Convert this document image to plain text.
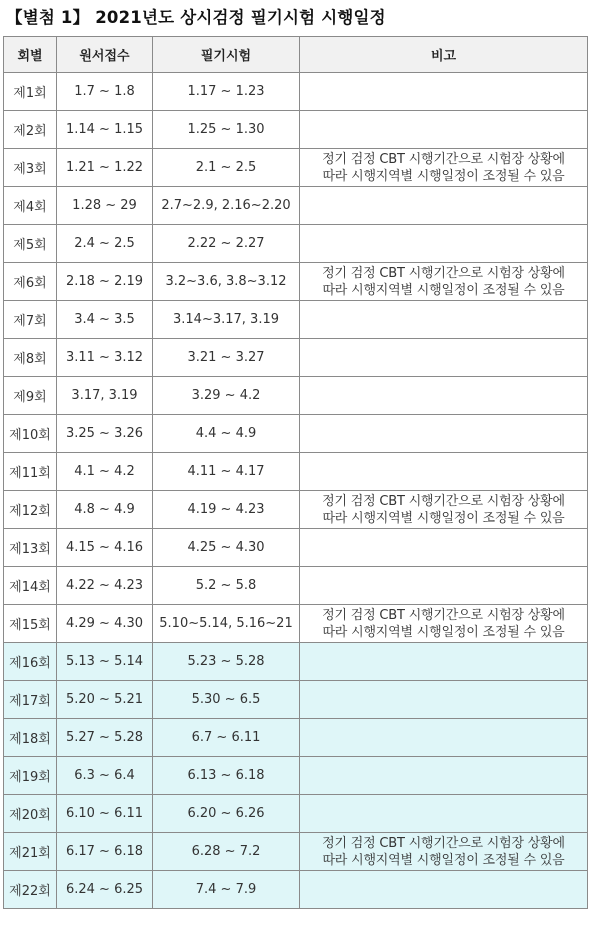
【별첨 1】 2021년도 상시검정 필기시험 시행일정
회별	원서접수	필기시험	비고
제1회	1.7 ~ 1.8	1.17 ~ 1.23	
제2회	1.14 ~ 1.15	1.25 ~ 1.30	
제3회	1.21 ~ 1.22	2.1 ~ 2.5	정기 검정 CBT 시행기간으로 시험장 상황에
따라 시행지역별 시행일정이 조정될 수 있음

제4회	1.28 ~ 29	2.7~2.9, 2.16~2.20	
제5회	2.4 ~ 2.5	2.22 ~ 2.27	
제6회	2.18 ~ 2.19	3.2~3.6, 3.8~3.12	정기 검정 CBT 시행기간으로 시험장 상황에
따라 시행지역별 시행일정이 조정될 수 있음

제7회	3.4 ~ 3.5	3.14~3.17, 3.19	
제8회	3.11 ~ 3.12	3.21 ~ 3.27	
제9회	3.17, 3.19	3.29 ~ 4.2	
제10회	3.25 ~ 3.26	4.4 ~ 4.9	
제11회	4.1 ~ 4.2	4.11 ~ 4.17	
제12회	4.8 ~ 4.9	4.19 ~ 4.23	정기 검정 CBT 시행기간으로 시험장 상황에
따라 시행지역별 시행일정이 조정될 수 있음

제13회	4.15 ~ 4.16	4.25 ~ 4.30	
제14회	4.22 ~ 4.23	5.2 ~ 5.8	
제15회	4.29 ~ 4.30	5.10~5.14, 5.16~21	정기 검정 CBT 시행기간으로 시험장 상황에
따라 시행지역별 시행일정이 조정될 수 있음

제16회	5.13 ~ 5.14	5.23 ~ 5.28	
제17회	5.20 ~ 5.21	5.30 ~ 6.5	
제18회	5.27 ~ 5.28	6.7 ~ 6.11	
제19회	6.3 ~ 6.4	6.13 ~ 6.18	
제20회	6.10 ~ 6.11	6.20 ~ 6.26	
제21회	6.17 ~ 6.18	6.28 ~ 7.2	정기 검정 CBT 시행기간으로 시험장 상황에
따라 시행지역별 시행일정이 조정될 수 있음

제22회	6.24 ~ 6.25	7.4 ~ 7.9	
